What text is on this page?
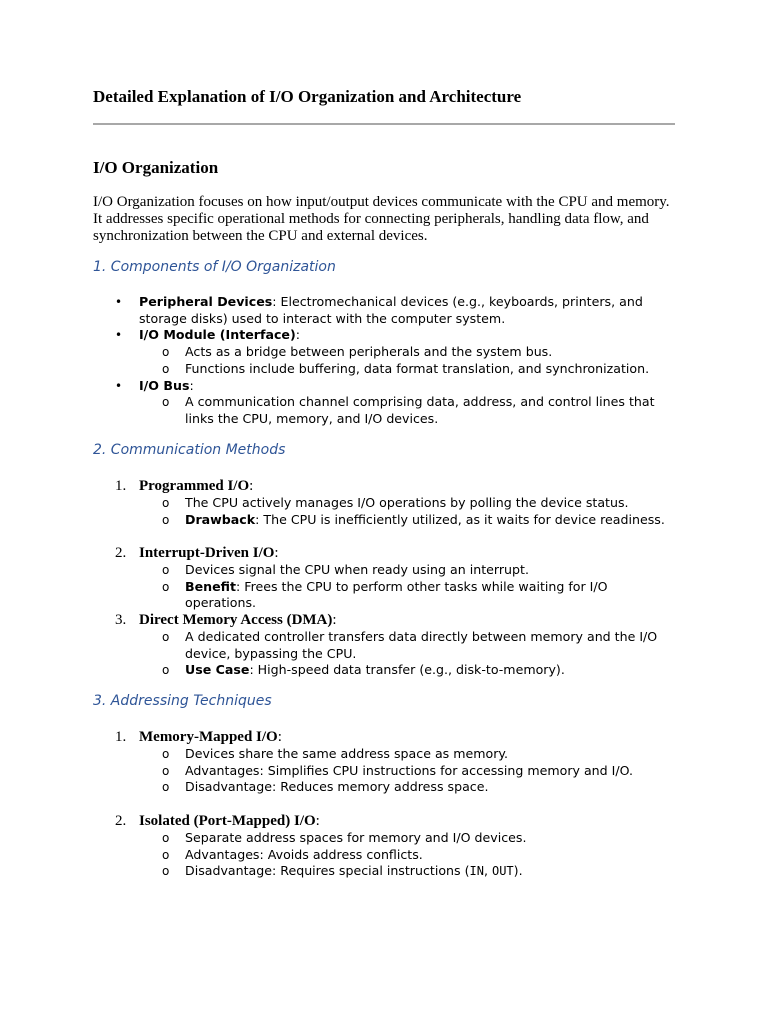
Detailed Explanation of I/O Organization and Architecture
I/O Organization

I/O Organization focuses on how input/output devices communicate with the CPU and memory. It addresses specific operational methods for connecting peripherals, handling data flow, and synchronization between the CPU and external devices.

1. Components of I/O Organization
• Peripheral Devices: Electromechanical devices (e.g., keyboards, printers, and storage disks) used to interact with the computer system.
• I/O Module (Interface):
o Acts as a bridge between peripherals and the system bus.
o Functions include buffering, data format translation, and synchronization.
• I/O Bus:
o A communication channel comprising data, address, and control lines that links the CPU, memory, and I/O devices.
2. Communication Methods
1. Programmed I/O:
o The CPU actively manages I/O operations by polling the device status.
o Drawback: The CPU is inefficiently utilized, as it waits for device readiness.
2. Interrupt-Driven I/O:
o Devices signal the CPU when ready using an interrupt.
o Benefit: Frees the CPU to perform other tasks while waiting for I/O operations.
3. Direct Memory Access (DMA):
o A dedicated controller transfers data directly between memory and the I/O device, bypassing the CPU.
o Use Case: High-speed data transfer (e.g., disk-to-memory).
3. Addressing Techniques
1. Memory-Mapped I/O:
o Devices share the same address space as memory.
o Advantages: Simplifies CPU instructions for accessing memory and I/O.
o Disadvantage: Reduces memory address space.
2. Isolated (Port-Mapped) I/O:
o Separate address spaces for memory and I/O devices.
o Advantages: Avoids address conflicts.
o Disadvantage: Requires special instructions (IN, OUT).
